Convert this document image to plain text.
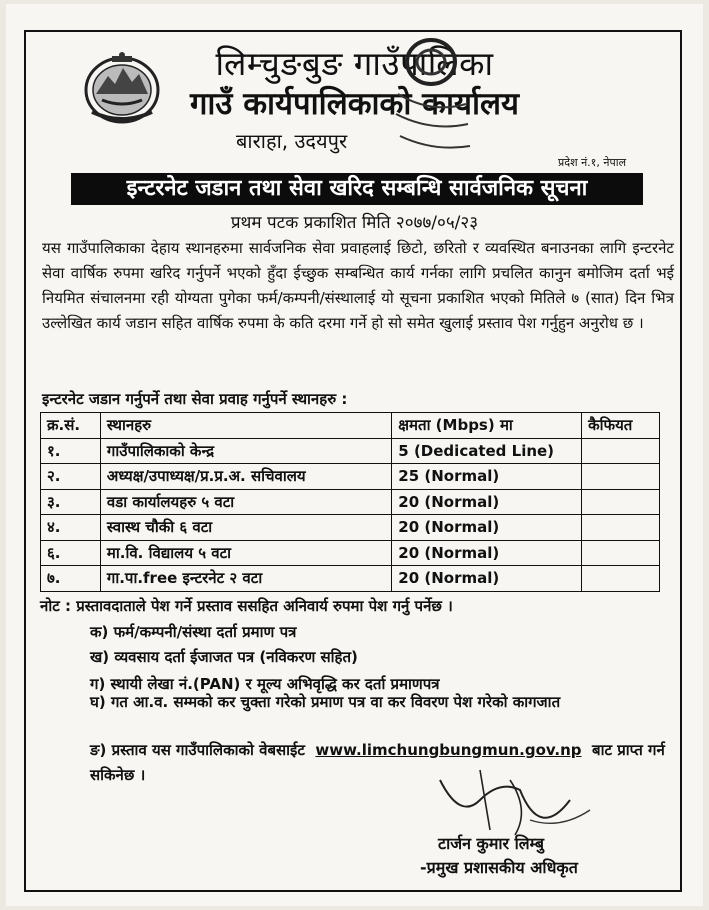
लिम्चुङबुङ गाउँपालिका
गाउँ कार्यपालिकाको कार्यालय
बाराहा, उदयपुर
प्रदेश नं.१, नेपाल
इन्टरनेट जडान तथा सेवा खरिद सम्बन्धि सार्वजनिक सूचना
प्रथम पटक प्रकाशित मिति २०७७/०५/२३
यस गाउँपालिकाका देहाय स्थानहरुमा सार्वजनिक सेवा प्रवाहलाई छिटो, छरितो र व्यवस्थित बनाउनका लागि इन्टरनेट सेवा वार्षिक रुपमा खरिद गर्नुपर्ने भएको हुँदा ईच्छुक सम्बन्धित कार्य गर्नका लागि प्रचलित कानुन बमोजिम दर्ता भई नियमित संचालनमा रही योग्यता पुगेका फर्म/कम्पनी/संस्थालाई यो सूचना प्रकाशित भएको मितिले ७ (सात) दिन भित्र उल्लेखित कार्य जडान सहित वार्षिक रुपमा के कति दरमा गर्ने हो सो समेत खुलाई प्रस्ताव पेश गर्नुहुन अनुरोध छ ।
इन्टरनेट जडान गर्नुपर्ने तथा सेवा प्रवाह गर्नुपर्ने स्थानहरु :
क्र.सं.	स्थानहरु	क्षमता (Mbps) मा	कैफियत
१.	गाउँपालिकाको केन्द्र	5 (Dedicated Line)	
२.	अध्यक्ष/उपाध्यक्ष/प्र.प्र.अ. सचिवालय	25 (Normal)	
३.	वडा कार्यालयहरु ५ वटा	20 (Normal)	
४.	स्वास्थ चौकी ६ वटा	20 (Normal)	
६.	मा.वि. विद्यालय ५ वटा	20 (Normal)	
७.	गा.पा.free इन्टरनेट २ वटा	20 (Normal)	
नोट : प्रस्तावदाताले पेश गर्ने प्रस्ताव ससहित अनिवार्य रुपमा पेश गर्नु पर्नेछ ।
क) फर्म/कम्पनी/संस्था दर्ता प्रमाण पत्र
ख) व्यवसाय दर्ता ईजाजत पत्र (नविकरण सहित)
ग) स्थायी लेखा नं.(PAN) र मूल्य अभिवृद्धि कर दर्ता प्रमाणपत्र
घ) गत आ.व. सम्मको कर चुक्ता गरेको प्रमाण पत्र वा कर विवरण पेश गरेको कागजात
ङ) प्रस्ताव यस गाउँपालिकाको वेबसाईट www.limchungbungmun.gov.np बाट प्राप्त गर्न सकिनेछ ।
टार्जन कुमार लिम्बु
-प्रमुख प्रशासकीय अधिकृत
